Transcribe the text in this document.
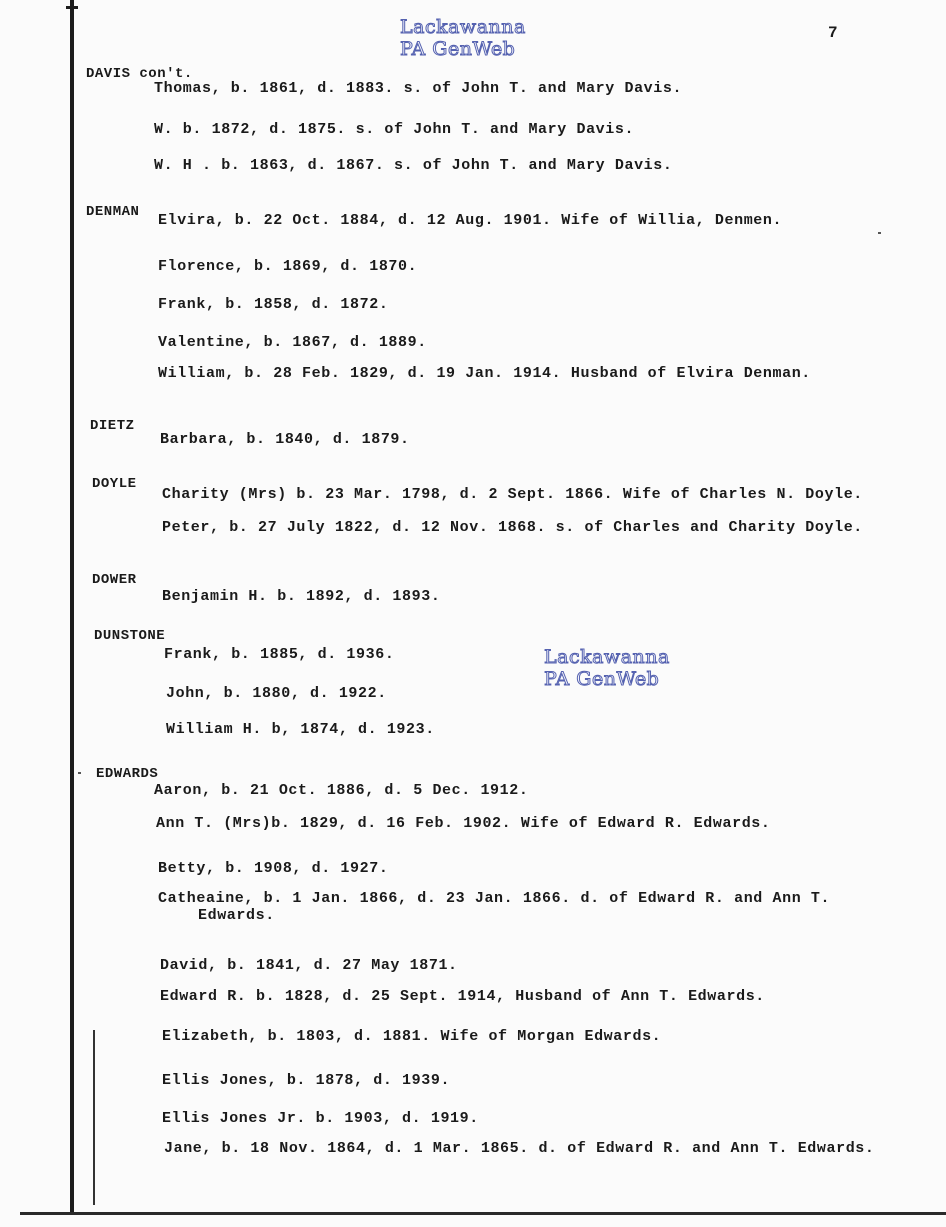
Lackawanna
PA GenWeb
Lackawanna
PA GenWeb
7
DAVIS con't.
Thomas, b. 1861, d. 1883. s. of John T. and Mary Davis.
W. b. 1872, d. 1875. s. of John T. and Mary Davis.
W. H . b. 1863, d. 1867. s. of John T. and Mary Davis.
DENMAN Elvira, b. 22 Oct. 1884, d. 12 Aug. 1901. Wife of Willia, Denmen.
Florence, b. 1869, d. 1870.
Frank, b. 1858, d. 1872.
Valentine, b. 1867, d. 1889.
William, b. 28 Feb. 1829, d. 19 Jan. 1914. Husband of Elvira Denman.
DIETZ
Barbara, b. 1840, d. 1879.
DOYLE
Charity (Mrs) b. 23 Mar. 1798, d. 2 Sept. 1866. Wife of Charles N. Doyle.
Peter, b. 27 July 1822, d. 12 Nov. 1868. s. of Charles and Charity Doyle.
DOWER
Benjamin H. b. 1892, d. 1893.
DUNSTONE
Frank, b. 1885, d. 1936.
John, b. 1880, d. 1922.
William H. b, 1874, d. 1923.
EDWARDS
Aaron, b. 21 Oct. 1886, d. 5 Dec. 1912.
Ann T. (Mrs)b. 1829, d. 16 Feb. 1902. Wife of Edward R. Edwards.
Betty, b. 1908, d. 1927.
Catheaine, b. 1 Jan. 1866, d. 23 Jan. 1866. d. of Edward R. and Ann T.
Edwards.
David, b. 1841, d. 27 May 1871.
Edward R. b. 1828, d. 25 Sept. 1914, Husband of Ann T. Edwards.
Elizabeth, b. 1803, d. 1881. Wife of Morgan Edwards.
Ellis Jones, b. 1878, d. 1939.
Ellis Jones Jr. b. 1903, d. 1919.
Jane, b. 18 Nov. 1864, d. 1 Mar. 1865. d. of Edward R. and Ann T. Edwards.
